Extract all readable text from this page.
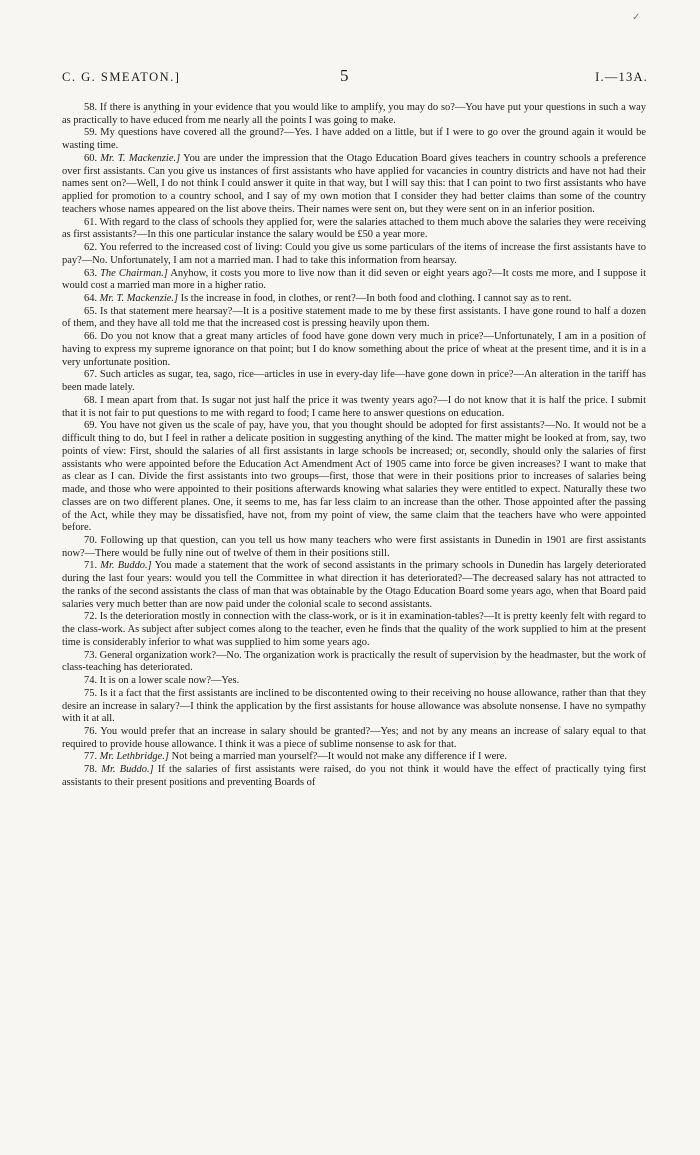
✓
C. G. SMEATON.]	5	I.—13A.

58. If there is anything in your evidence that you would like to amplify, you may do so?—You have put your questions in such a way as practically to have educed from me nearly all the points I was going to make.

59. My questions have covered all the ground?—Yes. I have added on a little, but if I were to go over the ground again it would be wasting time.

60. Mr. T. Mackenzie.] You are under the impression that the Otago Education Board gives teachers in country schools a preference over first assistants. Can you give us instances of first assistants who have applied for vacancies in country districts and have not had their names sent on?—Well, I do not think I could answer it quite in that way, but I will say this: that I can point to two first assistants who have applied for promotion to a country school, and I say of my own motion that I consider they had better claims than some of the country teachers whose names appeared on the list above theirs. Their names were sent on, but they were sent on in an inferior position.

61. With regard to the class of schools they applied for, were the salaries attached to them much above the salaries they were receiving as first assistants?—In this one particular instance the salary would be £50 a year more.

62. You referred to the increased cost of living: Could you give us some particulars of the items of increase the first assistants have to pay?—No. Unfortunately, I am not a married man. I had to take this information from hearsay.

63. The Chairman.] Anyhow, it costs you more to live now than it did seven or eight years ago?—It costs me more, and I suppose it would cost a married man more in a higher ratio.

64. Mr. T. Mackenzie.] Is the increase in food, in clothes, or rent?—In both food and clothing. I cannot say as to rent.

65. Is that statement mere hearsay?—It is a positive statement made to me by these first assistants. I have gone round to half a dozen of them, and they have all told me that the increased cost is pressing heavily upon them.

66. Do you not know that a great many articles of food have gone down very much in price?—Unfortunately, I am in a position of having to express my supreme ignorance on that point; but I do know something about the price of wheat at the present time, and it is in a very unfortunate position.

67. Such articles as sugar, tea, sago, rice—articles in use in every-day life—have gone down in price?—An alteration in the tariff has been made lately.

68. I mean apart from that. Is sugar not just half the price it was twenty years ago?—I do not know that it is half the price. I submit that it is not fair to put questions to me with regard to food; I came here to answer questions on education.

69. You have not given us the scale of pay, have you, that you thought should be adopted for first assistants?—No. It would not be a difficult thing to do, but I feel in rather a delicate position in suggesting anything of the kind. The matter might be looked at from, say, two points of view: First, should the salaries of all first assistants in large schools be increased; or, secondly, should only the salaries of first assistants who were appointed before the Education Act Amendment Act of 1905 came into force be given increases? I want to make that as clear as I can. Divide the first assistants into two groups—first, those that were in their positions prior to increases of salaries being made, and those who were appointed to their positions afterwards knowing what salaries they were entitled to expect. Naturally these two classes are on two different planes. One, it seems to me, has far less claim to an increase than the other. Those appointed after the passing of the Act, while they may be dissatisfied, have not, from my point of view, the same claim that the teachers have who were appointed before.

70. Following up that question, can you tell us how many teachers who were first assistants in Dunedin in 1901 are first assistants now?—There would be fully nine out of twelve of them in their positions still.

71. Mr. Buddo.] You made a statement that the work of second assistants in the primary schools in Dunedin has largely deteriorated during the last four years: would you tell the Committee in what direction it has deteriorated?—The decreased salary has not attracted to the ranks of the second assistants the class of man that was obtainable by the Otago Education Board some years ago, when that Board paid salaries very much better than are now paid under the colonial scale to second assistants.

72. Is the deterioration mostly in connection with the class-work, or is it in examination-tables?—It is pretty keenly felt with regard to the class-work. As subject after subject comes along to the teacher, even he finds that the quality of the work supplied to him at the present time is considerably inferior to what was supplied to him some years ago.

73. General organization work?—No. The organization work is practically the result of supervision by the headmaster, but the work of class-teaching has deteriorated.

74. It is on a lower scale now?—Yes.

75. Is it a fact that the first assistants are inclined to be discontented owing to their receiving no house allowance, rather than that they desire an increase in salary?—I think the application by the first assistants for house allowance was absolute nonsense. I have no sympathy with it at all.

76. You would prefer that an increase in salary should be granted?—Yes; and not by any means an increase of salary equal to that required to provide house allowance. I think it was a piece of sublime nonsense to ask for that.

77. Mr. Lethbridge.] Not being a married man yourself?—It would not make any difference if I were.

78. Mr. Buddo.] If the salaries of first assistants were raised, do you not think it would have the effect of practically tying first assistants to their present positions and preventing Boards of
